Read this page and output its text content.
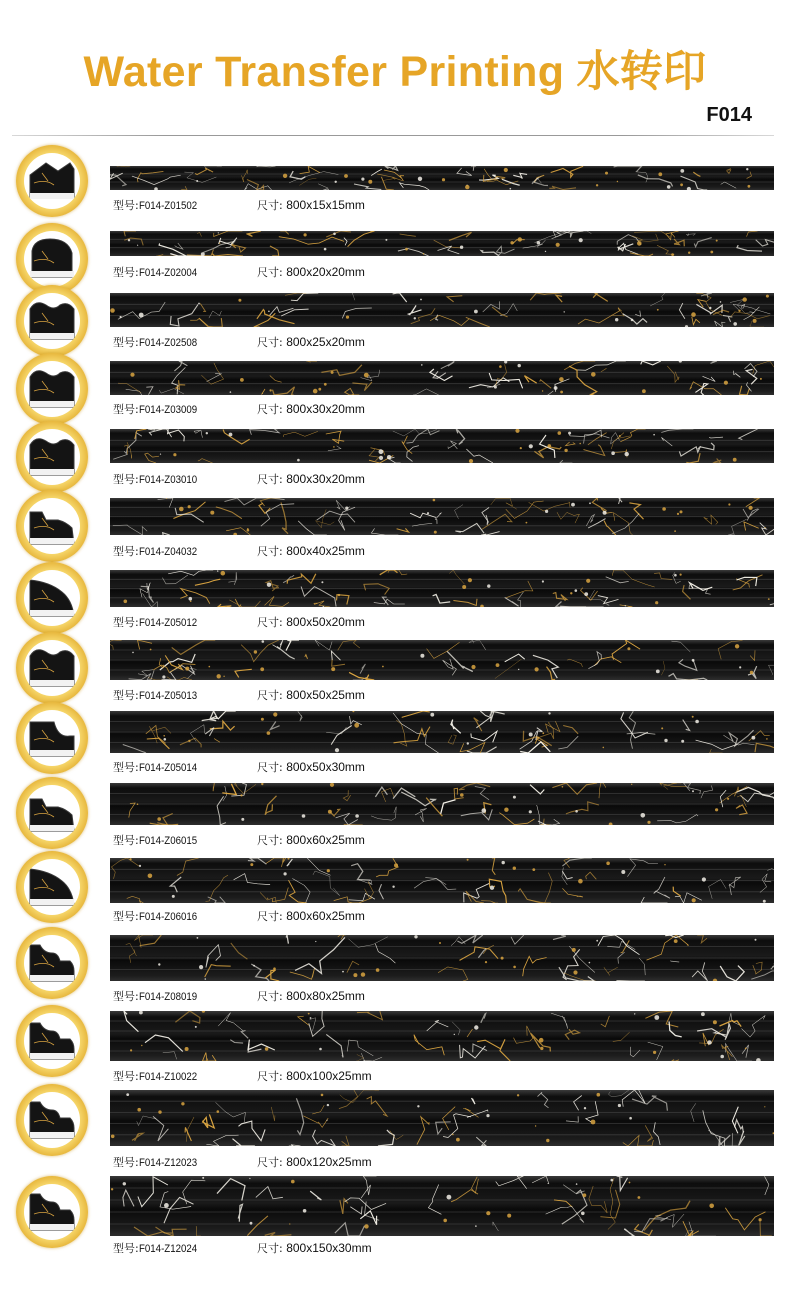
Water Transfer Printing 水转印
F014
型号:F014-Z01502	尺寸: 800x15x15mm
型号:F014-Z02004	尺寸: 800x20x20mm
型号:F014-Z02508	尺寸: 800x25x20mm
型号:F014-Z03009	尺寸: 800x30x20mm
型号:F014-Z03010	尺寸: 800x30x20mm
型号:F014-Z04032	尺寸: 800x40x25mm
型号:F014-Z05012	尺寸: 800x50x20mm
型号:F014-Z05013	尺寸: 800x50x25mm
型号:F014-Z05014	尺寸: 800x50x30mm
型号:F014-Z06015	尺寸: 800x60x25mm
型号:F014-Z06016	尺寸: 800x60x25mm
型号:F014-Z08019	尺寸: 800x80x25mm
型号:F014-Z10022	尺寸: 800x100x25mm
型号:F014-Z12023	尺寸: 800x120x25mm
型号:F014-Z12024	尺寸: 800x150x30mm
